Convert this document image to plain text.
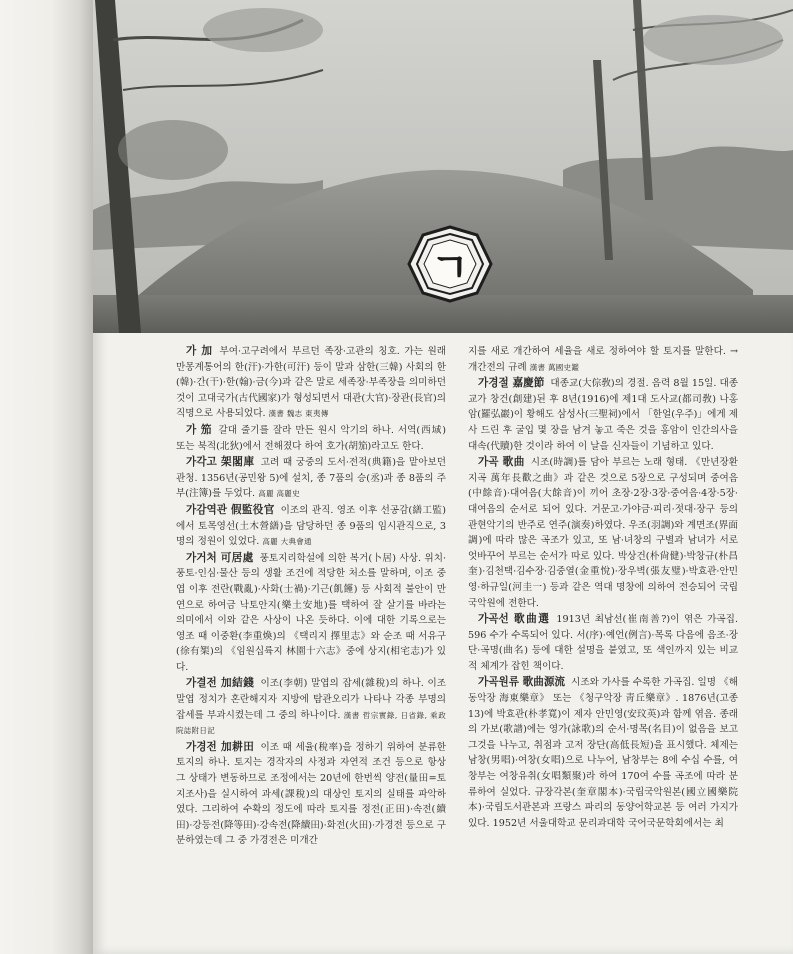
ㄱ

가 加 부여·고구려에서 부르던 족장·고관의 칭호. 가는 원래 만몽계통어의 한(汗)·가한(可汗) 등이 말과 삼한(三韓) 사회의 한(韓)·간(干)·한(翰)·금(今)과 같은 말로 세족장·부족장을 의미하던 것이 고대국가(古代國家)가 형성되면서 대관(大官)·장관(長官)의 직명으로 사용되었다. 漢書 魏志 東夷傳

가 笳 갈대 줄기를 잘라 만든 원시 악기의 하나. 서역(西域) 또는 북적(北狄)에서 전해졌다 하여 호가(胡笳)라고도 한다.

가각고 架閣庫 고려 때 궁중의 도서·전적(典籍)을 맡아보던 관청. 1356년(공민왕 5)에 설치, 종 7품의 승(丞)과 종 8품의 주부(注簿)를 두었다. 高麗 高麗史

가감역관 假監役官 이조의 관직. 영조 이후 선공감(繕工監)에서 토목영선(土木營繕)을 담당하던 종 9품의 임시관직으로, 3명의 정원이 있었다. 高麗 大典會通

가거처 可居處 풍토지리학설에 의한 복거(卜居) 사상. 위치·풍토·인심·물산 등의 생활 조건에 적당한 처소를 말하며, 이조 중엽 이후 전란(戰亂)·사화(士禍)·기근(飢饉) 등 사회적 불안이 만연으로 하여금 낙토안지(樂土安地)를 택하여 잘 살기를 바라는 의미에서 이와 같은 사상이 나온 듯하다. 이에 대한 기록으로는 영조 때 이중환(李重煥)의 《택리지 擇里志》와 순조 때 서유구(徐有榘)의 《임원십륙지 林園十六志》중에 상지(相宅志)가 있다.

가결전 加結錢 이조(李朝) 말엽의 잡세(雜稅)의 하나. 이조 말엽 정치가 혼란해지자 지방에 탐관오리가 나타나 각종 부명의 잡세를 부과시켰는데 그 중의 하나이다. 漢書 哲宗實錄, 日省錄, 乘政院誌附日記

가경전 加耕田 이조 때 세율(稅率)을 정하기 위하여 분류한 토지의 하나. 토지는 경작자의 사정과 자연적 조건 등으로 항상 그 상태가 변동하므로 조정에서는 20년에 한번씩 양전(量田=토지조사)을 실시하여 과세(課稅)의 대상인 토지의 실태를 파악하였다. 그리하여 수확의 정도에 따라 토지를 정전(正田)·속전(續田)·강등전(降等田)·강속전(降續田)·화전(火田)·가경전 등으로 구분하였는데 그 중 가경전은 미개간

지를 새로 개간하여 세율을 새로 정하여야 할 토지를 말한다. →개간전의 규례 漢書 萬國史鑑

가경절 嘉慶節 대종교(大倧敎)의 경절. 음력 8월 15일. 대종교가 창건(創建)된 후 8년(1916)에 제1대 도사교(都司敎) 나홍암(羅弘巖)이 황해도 삼성사(三聖祠)에서 「한얼(우주)」에게 제사 드린 후 굴입 몇 장을 남겨 놓고 죽은 것을 홍암이 인간의사을 대속(代贖)한 것이라 하여 이 날을 신자들이 기념하고 있다.

가곡 歌曲 시조(時調)를 담아 부르는 노래 형태. 《만년장환지곡 萬年長歡之曲》과 같은 것으로 5장으로 구성되며 중여음(中餘音)·대여음(大餘音)이 끼어 초장·2장·3장·중여음·4장·5장·대여음의 순서로 되어 있다. 거문고·가야금·피리·젓대·장구 등의 관현악기의 반주로 연주(演奏)하였다. 우조(羽調)와 계면조(界面調)에 따라 많은 곡조가 있고, 또 남·녀창의 구별과 남녀가 서로 엇바꾸어 부르는 순서가 따로 있다. 박상건(朴尙健)·박창규(朴昌奎)·김천택·김수장·김중열(金重悅)·장우벽(張友璧)·박효관·안민영·하규일(河圭一) 등과 같은 역대 명창에 의하여 전승되어 국립국악원에 전한다.

가곡선 歌曲選 1913년 최남선(崔南善?)이 엮은 가곡집. 596 수가 수록되어 있다. 서(序)·예언(例言)·목록 다음에 음조·장단·곡명(曲名) 등에 대한 설명을 붙였고, 또 색인까지 있는 비교적 체계가 잡힌 책이다.

가곡원류 歌曲源流 시조와 가사를 수록한 가곡집. 일명 《해동악장 海東樂章》 또는 《청구악장 靑丘樂章》. 1876년(고종 13)에 박효관(朴孝寬)이 제자 안민영(安玟英)과 함께 엮음. 종래의 가보(歌譜)에는 영가(詠歌)의 순서·명목(名目)이 없음을 보고 그것을 나누고, 취점과 고저 장단(高低長短)을 표시했다. 체제는 남창(男唱)·여창(女唱)으로 나누어, 남창부는 8에 수십 수를, 여창부는 여창유취(女唱類聚)라 하여 170여 수를 곡조에 따라 분류하여 실었다. 규장각본(奎章閣本)·국립국악원본(國立國樂院本)·국립도서관본과 프랑스 파리의 동양어학교본 등 여러 가지가 있다. 1952년 서울대학교 문리과대학 국어국문학회에서는 최
